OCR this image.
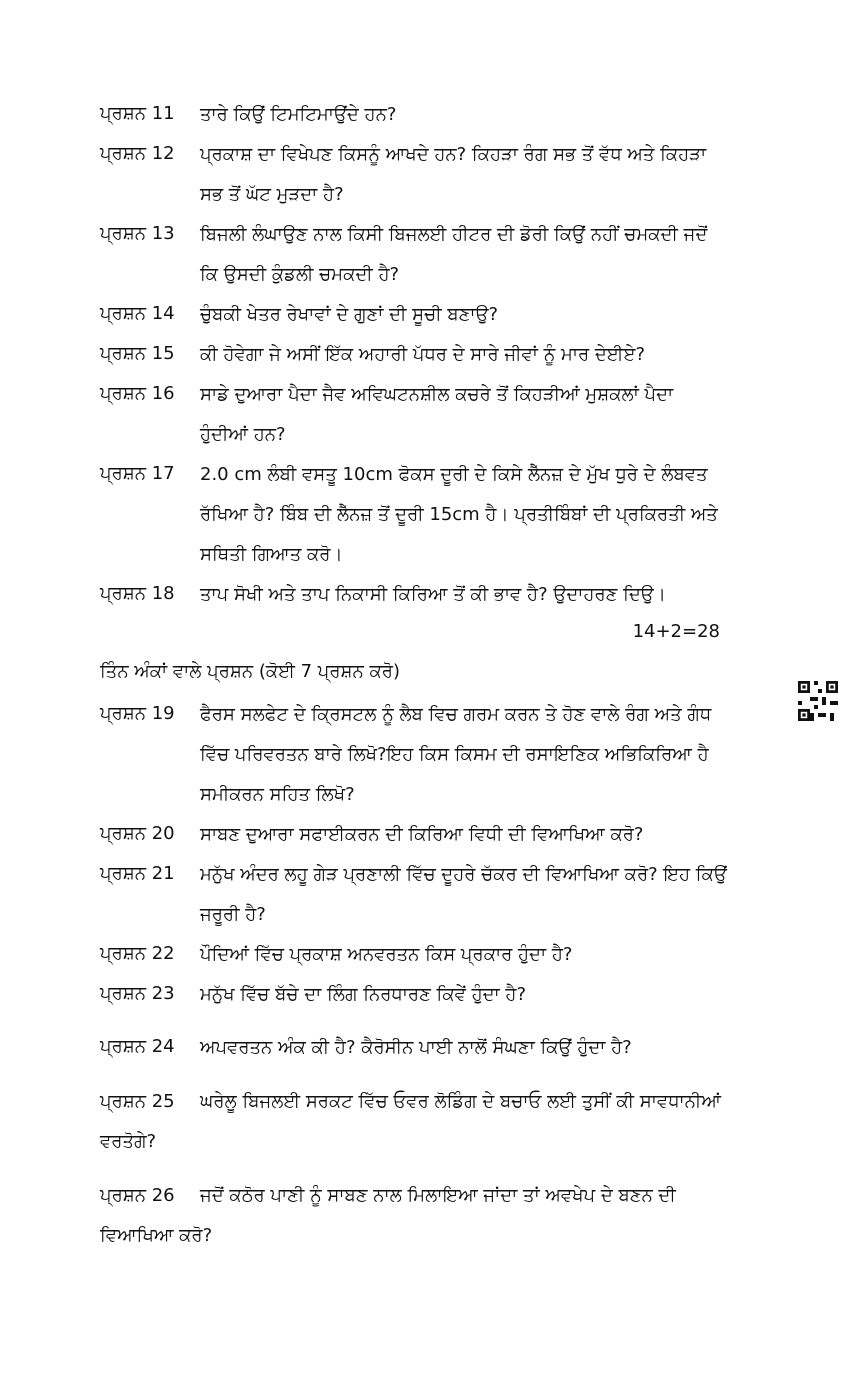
ਪ੍ਰਸ਼ਨ 11 ਤਾਰੇ ਕਿਉਂ ਟਿਮਟਿਮਾਉਂਦੇ ਹਨ?
ਪ੍ਰਸ਼ਨ 12 ਪ੍ਰਕਾਸ਼ ਦਾ ਵਿਖੇਪਣ ਕਿਸਨੂੰ ਆਖਦੇ ਹਨ? ਕਿਹੜਾ ਰੰਗ ਸਭ ਤੋਂ ਵੱਧ ਅਤੇ ਕਿਹੜਾ
ਸਭ ਤੋਂ ਘੱਟ ਮੁੜਦਾ ਹੈ?
ਪ੍ਰਸ਼ਨ 13 ਬਿਜਲੀ ਲੰਘਾਉਣ ਨਾਲ ਕਿਸੀ ਬਿਜਲਈ ਹੀਟਰ ਦੀ ਡੋਰੀ ਕਿਉਂ ਨਹੀਂ ਚਮਕਦੀ ਜਦੋਂ
ਕਿ ਉਸਦੀ ਕੁੰਡਲੀ ਚਮਕਦੀ ਹੈ?
ਪ੍ਰਸ਼ਨ 14 ਚੁੰਬਕੀ ਖੇਤਰ ਰੇਖਾਵਾਂ ਦੇ ਗੁਣਾਂ ਦੀ ਸੂਚੀ ਬਣਾਉ?
ਪ੍ਰਸ਼ਨ 15 ਕੀ ਹੋਵੇਗਾ ਜੇ ਅਸੀਂ ਇੱਕ ਅਹਾਰੀ ਪੱਧਰ ਦੇ ਸਾਰੇ ਜੀਵਾਂ ਨੂੰ ਮਾਰ ਦੇਈਏ?
ਪ੍ਰਸ਼ਨ 16 ਸਾਡੇ ਦੁਆਰਾ ਪੈਦਾ ਜੈਵ ਅਵਿਘਟਨਸ਼ੀਲ ਕਚਰੇ ਤੋਂ ਕਿਹੜੀਆਂ ਮੁਸ਼ਕਲਾਂ ਪੈਦਾ
ਹੁੰਦੀਆਂ ਹਨ?
ਪ੍ਰਸ਼ਨ 17 2.0 cm ਲੰਬੀ ਵਸਤੂ 10cm ਫੋਕਸ ਦੂਰੀ ਦੇ ਕਿਸੇ ਲੈੱਨਜ਼ ਦੇ ਮੁੱਖ ਧੁਰੇ ਦੇ ਲੰਬਵਤ
ਰੱਖਿਆ ਹੈ? ਬਿੰਬ ਦੀ ਲੈੱਨਜ਼ ਤੋਂ ਦੂਰੀ 15cm ਹੈ। ਪ੍ਰਤੀਬਿੰਬਾਂ ਦੀ ਪ੍ਰਕਿਰਤੀ ਅਤੇ
ਸਥਿਤੀ ਗਿਆਤ ਕਰੋ।
ਪ੍ਰਸ਼ਨ 18 ਤਾਪ ਸੋਖੀ ਅਤੇ ਤਾਪ ਨਿਕਾਸੀ ਕਿਰਿਆ ਤੋਂ ਕੀ ਭਾਵ ਹੈ? ਉਦਾਹਰਣ ਦਿਉ।
14+2=28
ਤਿੰਨ ਅੰਕਾਂ ਵਾਲੇ ਪ੍ਰਸ਼ਨ (ਕੋਈ 7 ਪ੍ਰਸ਼ਨ ਕਰੋ)
ਪ੍ਰਸ਼ਨ 19 ਫੈਰਸ ਸਲਫੇਟ ਦੇ ਕ੍ਰਿਸਟਲ ਨੂੰ ਲੈਬ ਵਿਚ ਗਰਮ ਕਰਨ ਤੇ ਹੋਣ ਵਾਲੇ ਰੰਗ ਅਤੇ ਗੰਧ
ਵਿੱਚ ਪਰਿਵਰਤਨ ਬਾਰੇ ਲਿਖੋ?ਇਹ ਕਿਸ ਕਿਸਮ ਦੀ ਰਸਾਇਣਿਕ ਅਭਿਕਿਰਿਆ ਹੈ
ਸਮੀਕਰਨ ਸਹਿਤ ਲਿਖੋ?
ਪ੍ਰਸ਼ਨ 20 ਸਾਬਣ ਦੁਆਰਾ ਸਫਾਈਕਰਨ ਦੀ ਕਿਰਿਆ ਵਿਧੀ ਦੀ ਵਿਆਖਿਆ ਕਰੋ?
ਪ੍ਰਸ਼ਨ 21 ਮਨੁੱਖ ਅੰਦਰ ਲਹੂ ਗੇੜ ਪ੍ਰਣਾਲੀ ਵਿੱਚ ਦੂਹਰੇ ਚੱਕਰ ਦੀ ਵਿਆਖਿਆ ਕਰੋ? ਇਹ ਕਿਉਂ
ਜਰੂਰੀ ਹੈ?
ਪ੍ਰਸ਼ਨ 22 ਪੌਦਿਆਂ ਵਿੱਚ ਪ੍ਰਕਾਸ਼ ਅਨਵਰਤਨ ਕਿਸ ਪ੍ਰਕਾਰ ਹੁੰਦਾ ਹੈ?
ਪ੍ਰਸ਼ਨ 23 ਮਨੁੱਖ ਵਿੱਚ ਬੱਚੇ ਦਾ ਲਿੰਗ ਨਿਰਧਾਰਣ ਕਿਵੇਂ ਹੁੰਦਾ ਹੈ?
ਪ੍ਰਸ਼ਨ 24 ਅਪਵਰਤਨ ਅੰਕ ਕੀ ਹੈ? ਕੈਰੋਸੀਨ ਪਾਈ ਨਾਲੋਂ ਸੰਘਣਾ ਕਿਉਂ ਹੁੰਦਾ ਹੈ?
ਪ੍ਰਸ਼ਨ 25 ਘਰੇਲੂ ਬਿਜਲਈ ਸਰਕਟ ਵਿੱਚ ਓਵਰ ਲੋਡਿੰਗ ਦੇ ਬਚਾਓ ਲਈ ਤੁਸੀਂ ਕੀ ਸਾਵਧਾਨੀਆਂ ਵਰਤੋਗੇ?
ਪ੍ਰਸ਼ਨ 26 ਜਦੋਂ ਕਠੋਰ ਪਾਣੀ ਨੂੰ ਸਾਬਣ ਨਾਲ ਮਿਲਾਇਆ ਜਾਂਦਾ ਤਾਂ ਅਵਖੇਪ ਦੇ ਬਣਨ ਦੀ ਵਿਆਖਿਆ ਕਰੋ?
